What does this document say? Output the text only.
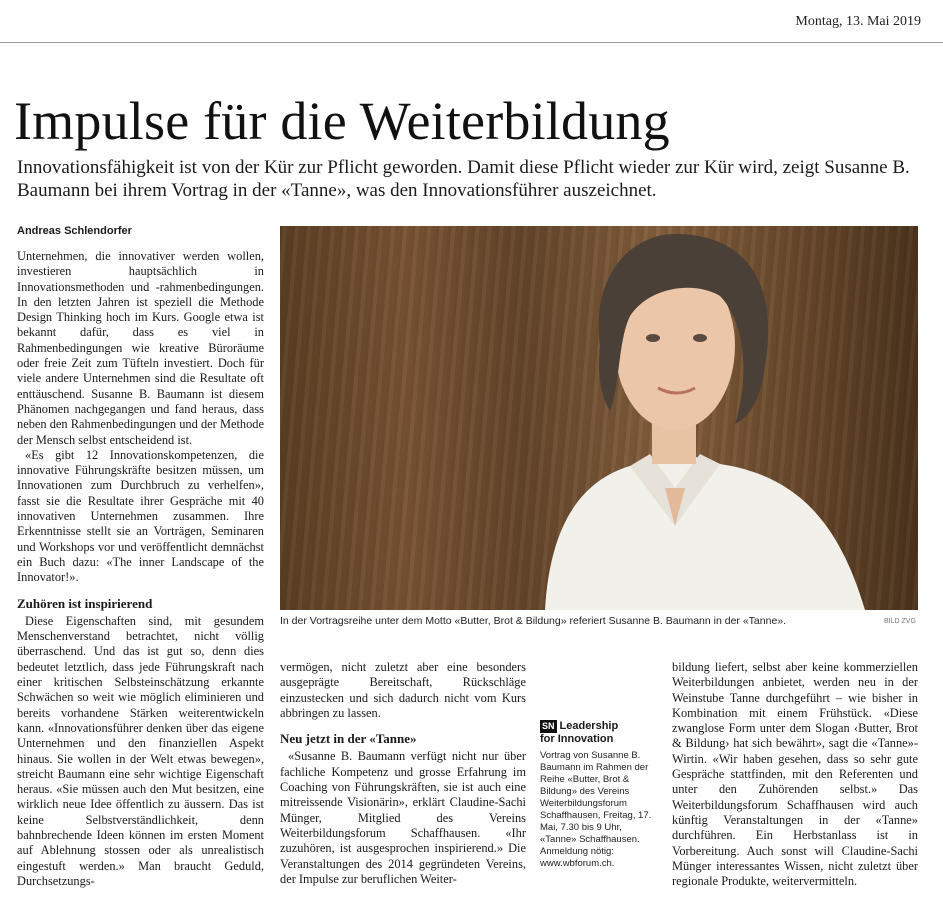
Montag, 13. Mai 2019
Impulse für die Weiterbildung

Innovationsfähigkeit ist von der Kür zur Pflicht geworden. Damit diese Pflicht wieder zur Kür wird, zeigt Susanne B. Baumann bei ihrem Vortrag in der «Tanne», was den Innovationsführer auszeichnet.

Andreas Schlendorfer

Unternehmen, die innovativer werden wollen, investieren hauptsächlich in Innovationsmethoden und -rahmenbedingungen. In den letzten Jahren ist speziell die Methode Design Thinking hoch im Kurs. Google etwa ist bekannt dafür, dass es viel in Rahmenbedingungen wie kreative Büroräume oder freie Zeit zum Tüfteln investiert. Doch für viele andere Unternehmen sind die Resultate oft enttäuschend. Susanne B. Baumann ist diesem Phänomen nachgegangen und fand heraus, dass neben den Rahmenbedingungen und der Methode der Mensch selbst entscheidend ist.

«Es gibt 12 Innovationskompetenzen, die innovative Führungskräfte besitzen müssen, um Innovationen zum Durchbruch zu verhelfen», fasst sie die Resultate ihrer Gespräche mit 40 innovativen Unternehmen zusammen. Ihre Erkenntnisse stellt sie an Vorträgen, Seminaren und Workshops vor und veröffentlicht demnächst ein Buch dazu: «The inner Landscape of the Innovator!».

Zuhören ist inspirierend

Diese Eigenschaften sind, mit gesundem Menschenverstand betrachtet, nicht völlig überraschend. Und das ist gut so, denn dies bedeutet letztlich, dass jede Führungskraft nach einer kritischen Selbsteinschätzung erkannte Schwächen so weit wie möglich eliminieren und bereits vorhandene Stärken weiterentwickeln kann. «Innovationsführer denken über das eigene Unternehmen und den finanziellen Aspekt hinaus. Sie wollen in der Welt etwas bewegen», streicht Baumann eine sehr wichtige Eigenschaft heraus. «Sie müssen auch den Mut besitzen, eine wirklich neue Idee öffentlich zu äussern. Das ist keine Selbstverständlichkeit, denn bahnbrechende Ideen können im ersten Moment auf Ablehnung stossen oder als unrealistisch eingestuft werden.» Man braucht Geduld, Durchsetzungs-

In der Vortragsreihe unter dem Motto «Butter, Brot & Bildung» referiert Susanne B. Baumann in der «Tanne».	BILD ZVG

vermögen, nicht zuletzt aber eine besonders ausgeprägte Bereitschaft, Rückschläge einzustecken und sich dadurch nicht vom Kurs abbringen zu lassen.

Neu jetzt in der «Tanne»

«Susanne B. Baumann verfügt nicht nur über fachliche Kompetenz und grosse Erfahrung im Coaching von Führungskräften, sie ist auch eine mitreissende Visionärin», erklärt Claudine-Sachi Münger, Mitglied des Vereins Weiterbildungsforum Schaffhausen. «Ihr zuzuhören, ist ausgesprochen inspirierend.» Die Veranstaltungen des 2014 gegründeten Vereins, der Impulse zur beruflichen Weiter-

SN Leadership
for Innovation
Vortrag von Susanne B. Baumann im Rahmen der Reihe «Butter, Brot & Bildung» des Vereins Weiterbildungsforum Schaffhausen, Freitag, 17. Mai, 7.30 bis 9 Uhr, «Tanne» Schaffhausen. Anmeldung nötig: www.wbforum.ch.

bildung liefert, selbst aber keine kommerziellen Weiterbildungen anbietet, werden neu in der Weinstube Tanne durchgeführt – wie bisher in Kombination mit einem Frühstück. «Diese zwanglose Form unter dem Slogan ‹Butter, Brot & Bildung› hat sich bewährt», sagt die «Tanne»-Wirtin. «Wir haben gesehen, dass so sehr gute Gespräche stattfinden, mit den Referenten und unter den Zuhörenden selbst.» Das Weiterbildungsforum Schaffhausen wird auch künftig Veranstaltungen in der «Tanne» durchführen. Ein Herbstanlass ist in Vorbereitung. Auch sonst will Claudine-Sachi Münger interessantes Wissen, nicht zuletzt über regionale Produkte, weitervermitteln.
